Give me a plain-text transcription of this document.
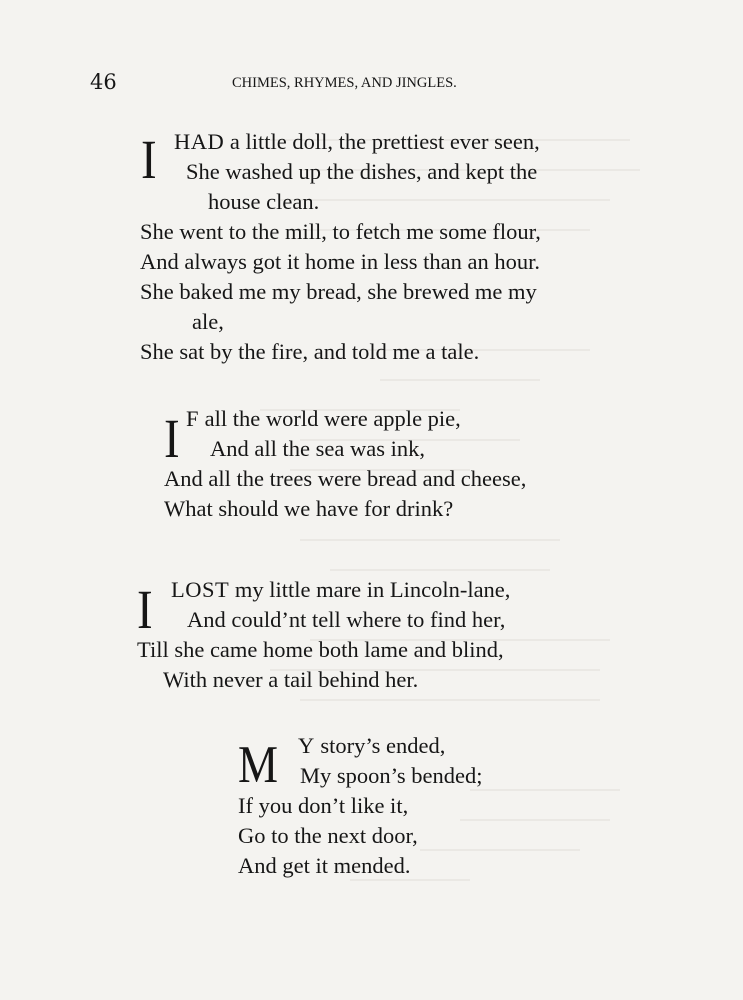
46	CHIMES, RHYMES, AND JINGLES.
I HAD a little doll, the prettiest ever seen,
She washed up the dishes, and kept the
house clean.
She went to the mill, to fetch me some flour,
And always got it home in less than an hour.
She baked me my bread, she brewed me my
ale,
She sat by the fire, and told me a tale.
I F all the world were apple pie,
And all the sea was ink,
And all the trees were bread and cheese,
What should we have for drink?
I LOST my little mare in Lincoln-lane,
And could’nt tell where to find her,
Till she came home both lame and blind,
With never a tail behind her.
M Y story’s ended,
My spoon’s bended;
If you don’t like it,
Go to the next door,
And get it mended.
